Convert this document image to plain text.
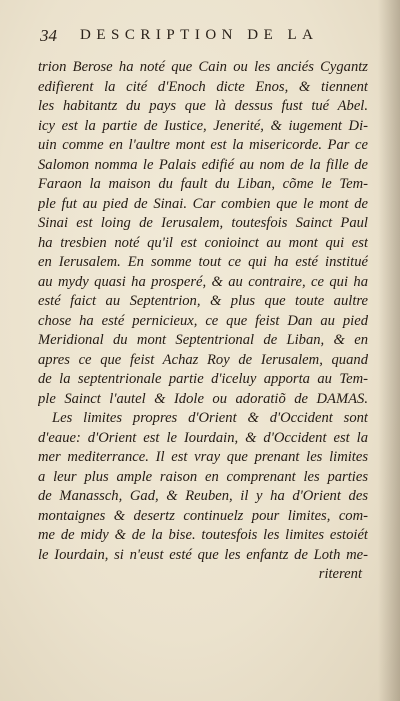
34 DESCRIPTION DE LA
trion Berose ha noté que Cain ou les anciés Cygantz
edifierent la cité d'Enoch dicte Enos, & tiennent
les habitantz du pays que là dessus fust tué Abel.
icy est la partie de Iustice, Jenerité, & iugement Di-
uin comme en l'aultre mont est la misericorde. Par ce
Salomon nomma le Palais edifié au nom de la fille de
Faraon la maison du fault du Liban, cõme le Tem-
ple fut au pied de Sinai. Car combien que le mont de
Sinai est loing de Ierusalem, toutesfois Sainct Paul
ha tresbien noté qu'il est conioinct au mont qui est
en Ierusalem. En somme tout ce qui ha esté institué
au mydy quasi ha prosperé, & au contraire, ce qui ha
esté faict au Septentrion, & plus que toute aultre
chose ha esté pernicieux, ce que feist Dan au pied
Meridional du mont Septentrional de Liban, & en
apres ce que feist Achaz Roy de Ierusalem, quand
de la septentrionale partie d'iceluy apporta au Tem-
ple Sainct l'autel & Idole ou adoratiõ de DAMAS.
Les limites propres d'Orient & d'Occident sont
d'eaue: d'Orient est le Iourdain, & d'Occident est la
mer mediterrance. Il est vray que prenant les limites
a leur plus ample raison en comprenant les parties
de Manassch, Gad, & Reuben, il y ha d'Orient des
montaignes & desertz continuelz pour limites, com-
me de midy & de la bise. toutesfois les limites estoiét
le Iourdain, si n'eust esté que les enfantz de Loth me-
riterent
